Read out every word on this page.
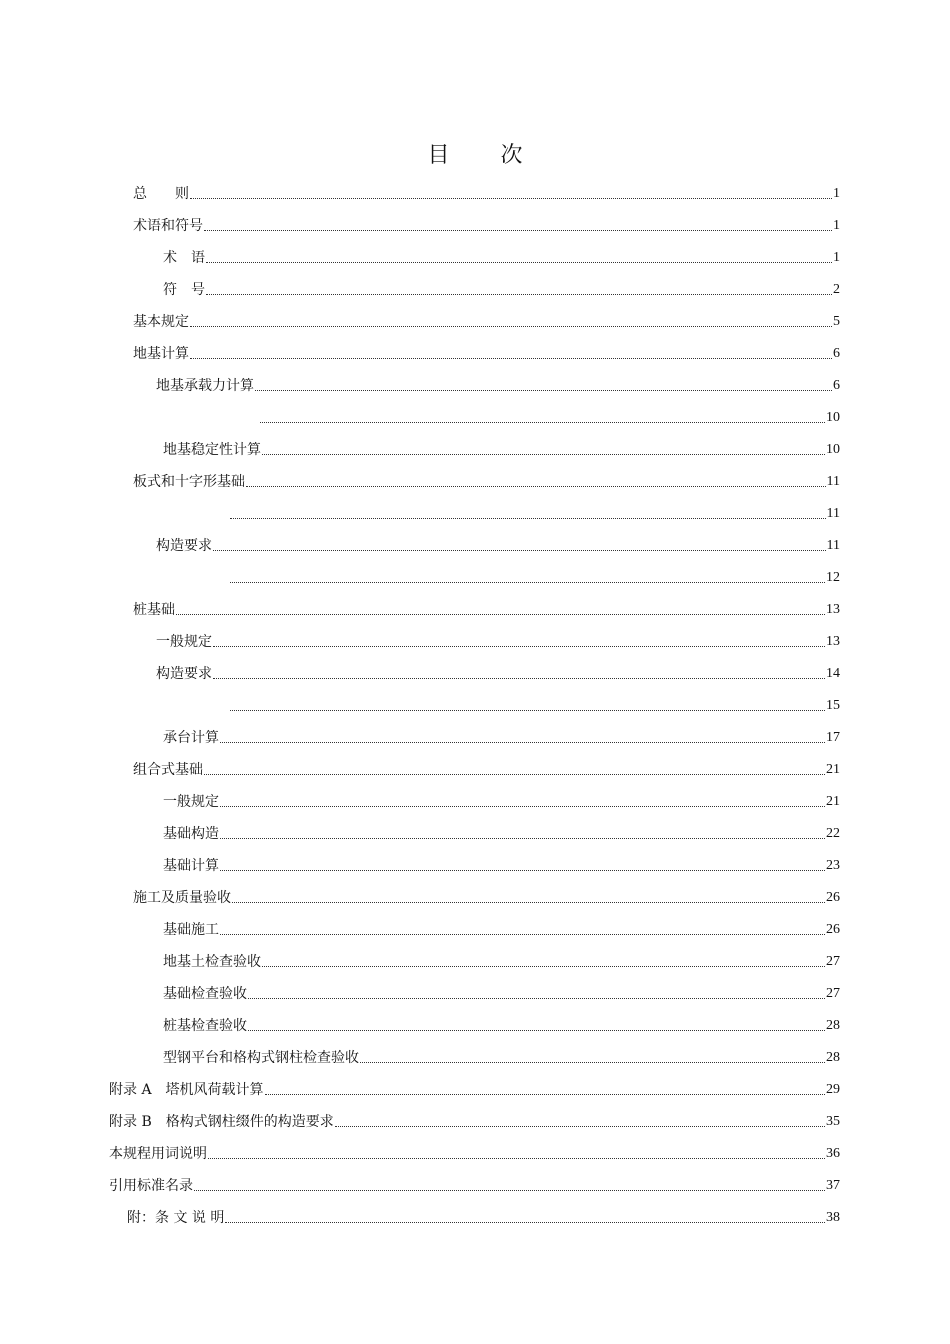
目 次
总　　则	1
术语和符号	1
术　语	1
符　号	2
基本规定	5
地基计算	6
地基承载力计算	6
10
地基稳定性计算	10
板式和十字形基础	11
11
构造要求	11
12
桩基础	13
一般规定	13
构造要求	14
15
承台计算	17
组合式基础	21
一般规定	21
基础构造	22
基础计算	23
施工及质量验收	26
基础施工	26
地基土检查验收	27
基础检查验收	27
桩基检查验收	28
型钢平台和格构式钢柱检查验收	28
附录 A　塔机风荷载计算	29
附录 B　格构式钢柱缀件的构造要求	35
本规程用词说明	36
引用标准名录	37
附：条 文 说 明	38
